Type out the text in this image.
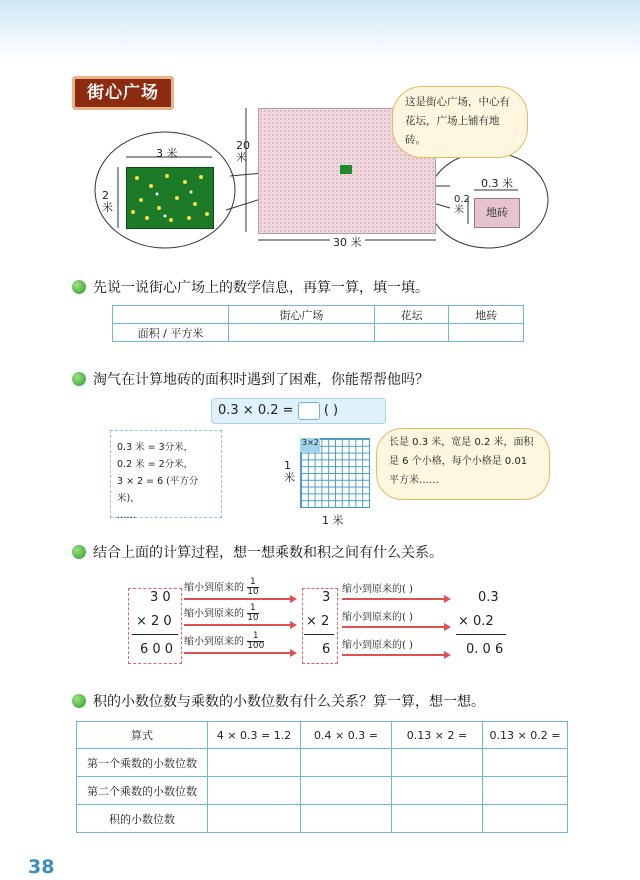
街心广场
3 米
2 米
20 米
30 米
地砖
0.3 米
0.2 米
这是街心广场，中心有花坛，广场上铺有地砖。
先说一说街心广场上的数学信息，再算一算，填一填。
	街心广场	花坛	地砖
面积 / 平方米			
淘气在计算地砖的面积时遇到了困难，你能帮帮他吗？
0.3 × 0.2 = ( )
0.3 米 = 3分米，
0.2 米 = 2分米，
3 × 2 = 6 (平方分米)，
……
3×2
1 米
1 米
长是 0.3 米，宽是 0.2 米，面积是 6 个小格，每个小格是 0.01 平方米……
结合上面的计算过程，想一想乘数和积之间有什么关系。
3 0
× 2 0
6 0 0
3
× 2
6
0.3
× 0.2
0. 0 6
缩小到原来的 $\frac{1}{10}$
缩小到原来的 $\frac{1}{10}$
缩小到原来的 $\frac{1}{100}$
缩小到原来的( )
缩小到原来的( )
缩小到原来的( )
积的小数位数与乘数的小数位数有什么关系？算一算，想一想。
算式	4 × 0.3 = 1.2	0.4 × 0.3 =	0.13 × 2 =	0.13 × 0.2 =
第一个乘数的小数位数				
第二个乘数的小数位数				
积的小数位数				
38
